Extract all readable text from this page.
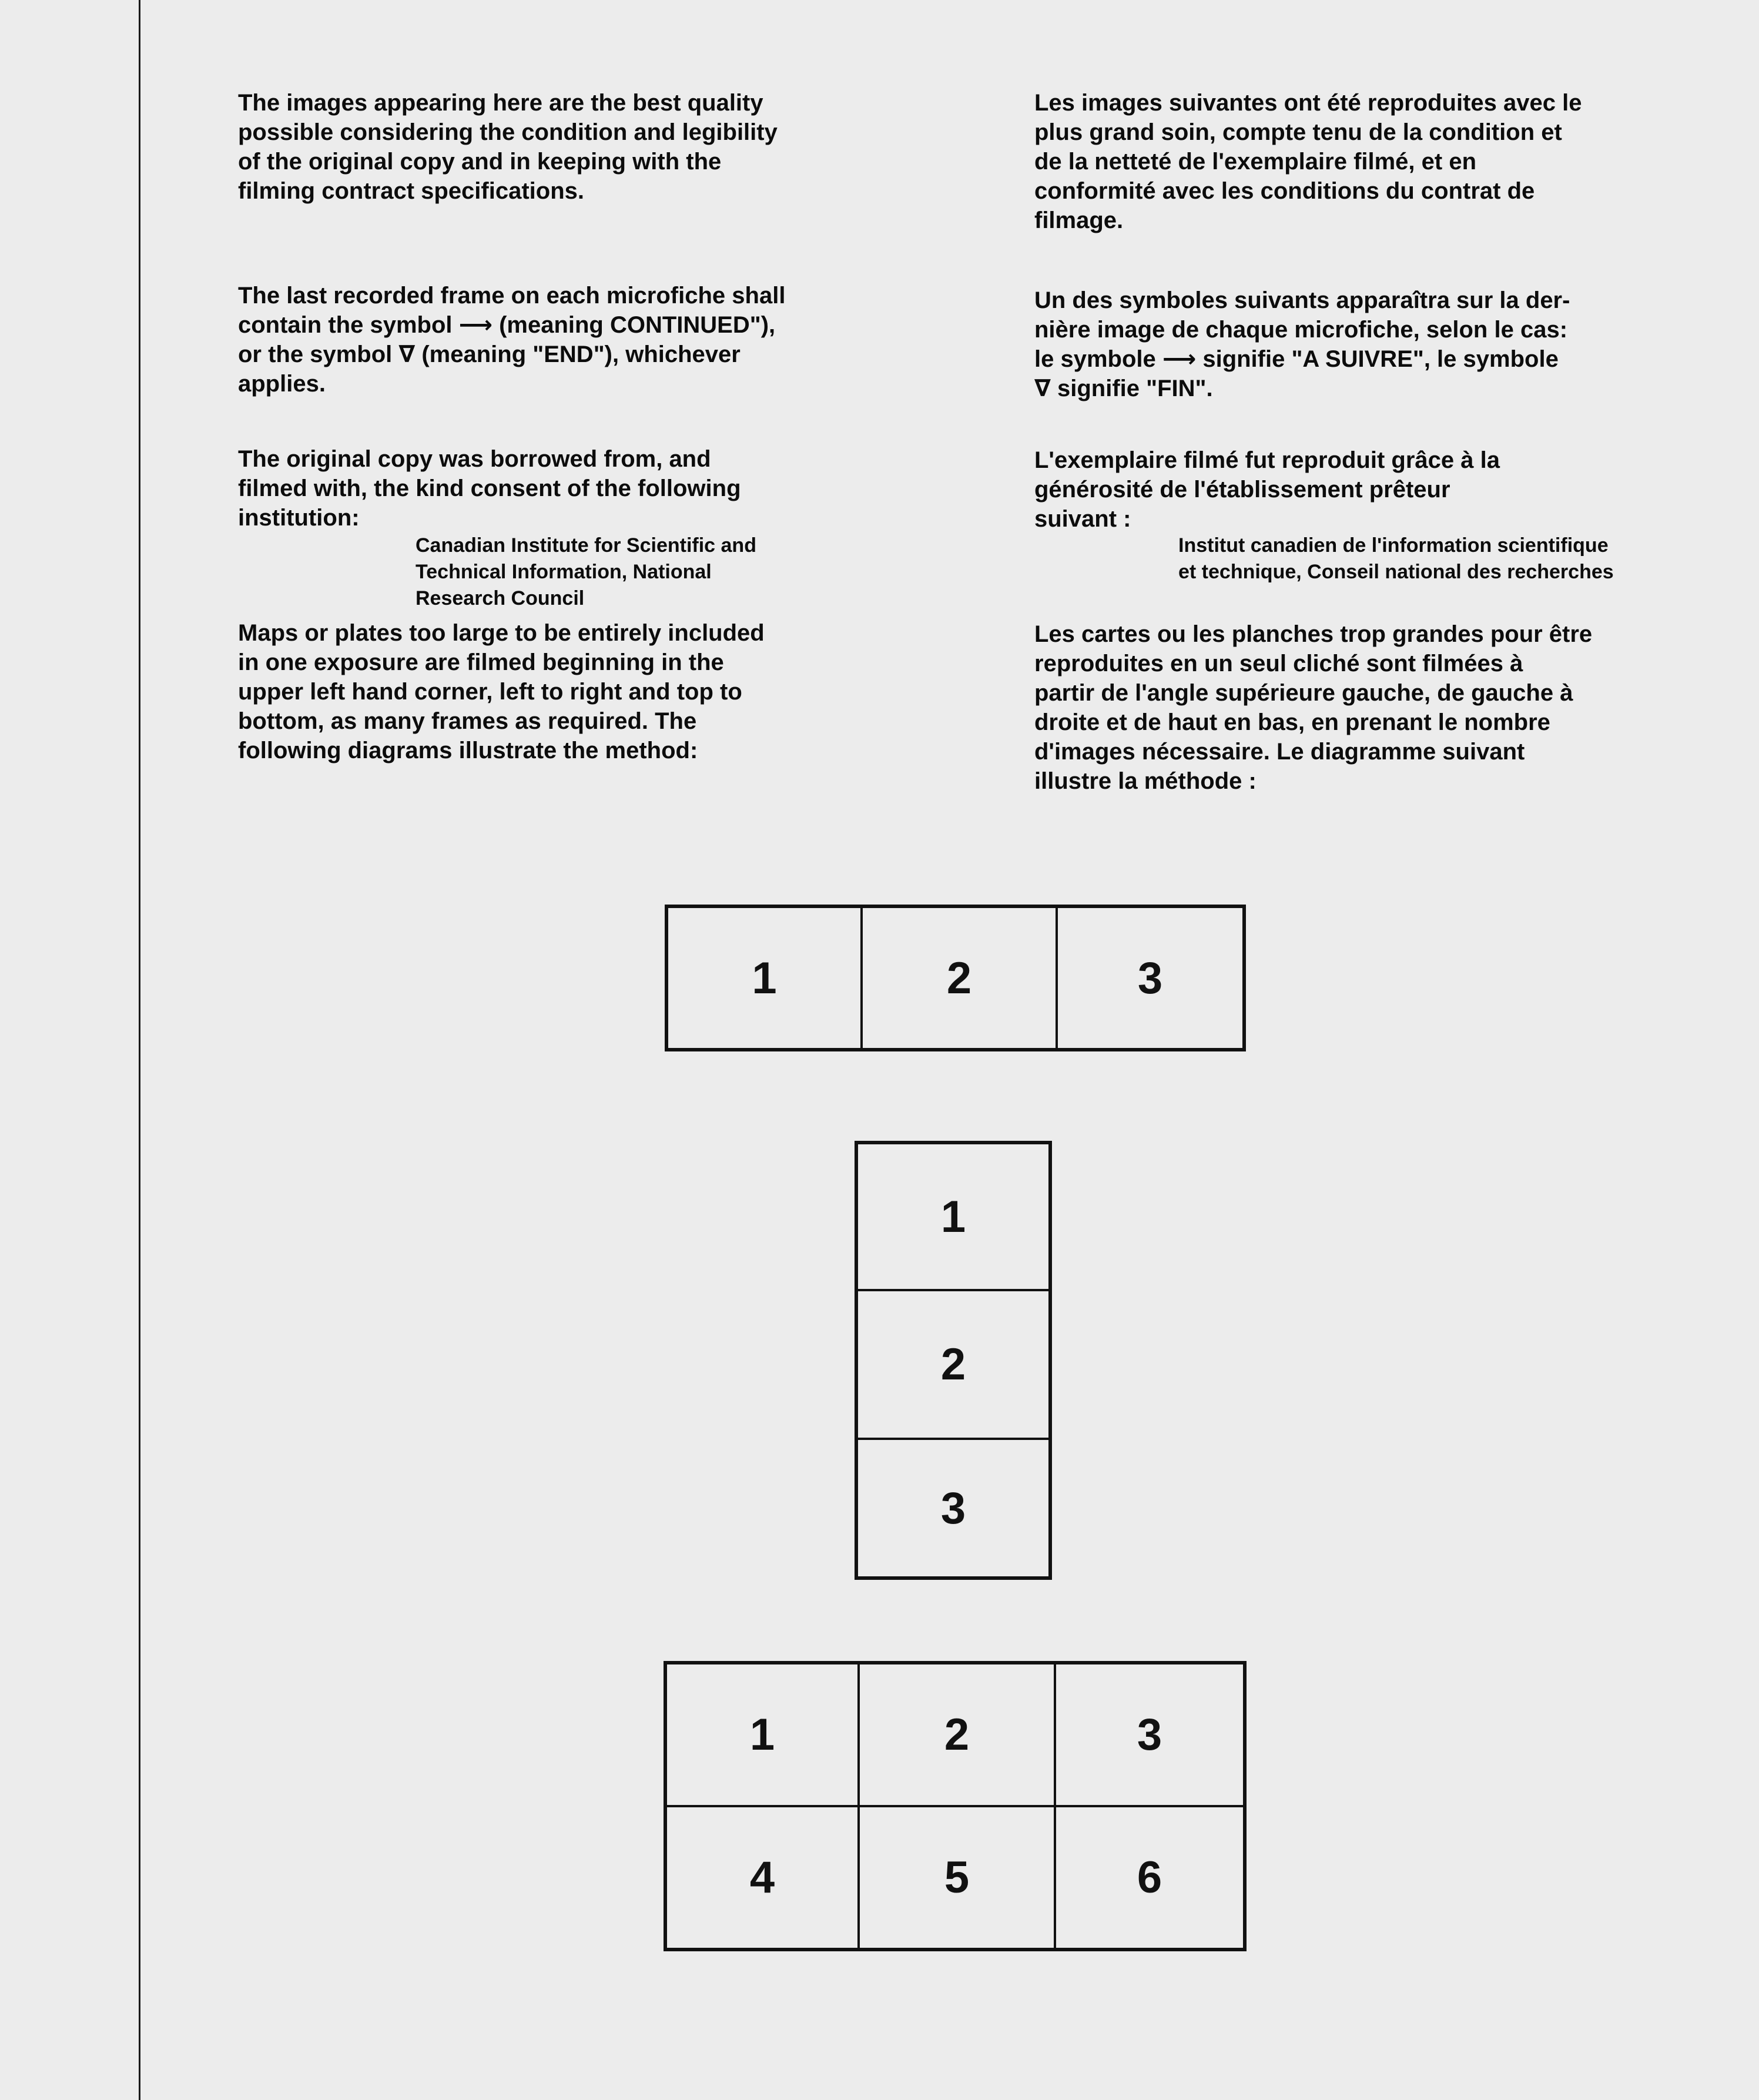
The images appearing here are the best quality
possible considering the condition and legibility
of the original copy and in keeping with the
filming contract specifications.

The last recorded frame on each microfiche shall
contain the symbol ⟶ (meaning CONTINUED"),
or the symbol ∇ (meaning "END"), whichever
applies.

The original copy was borrowed from, and
filmed with, the kind consent of the following
institution:

Canadian Institute for Scientific and
Technical Information, National
Research Council

Maps or plates too large to be entirely included
in one exposure are filmed beginning in the
upper left hand corner, left to right and top to
bottom, as many frames as required. The
following diagrams illustrate the method:

Les images suivantes ont été reproduites avec le
plus grand soin, compte tenu de la condition et
de la netteté de l'exemplaire filmé, et en
conformité avec les conditions du contrat de
filmage.

Un des symboles suivants apparaîtra sur la der-
nière image de chaque microfiche, selon le cas:
le symbole ⟶ signifie "A SUIVRE", le symbole
∇ signifie "FIN".

L'exemplaire filmé fut reproduit grâce à la
générosité de l'établissement prêteur
suivant :

Institut canadien de l'information scientifique
et technique, Conseil national des recherches

Les cartes ou les planches trop grandes pour être
reproduites en un seul cliché sont filmées à
partir de l'angle supérieure gauche, de gauche à
droite et de haut en bas, en prenant le nombre
d'images nécessaire. Le diagramme suivant
illustre la méthode :

1	2	3
1
2
3
1	2	3
4	5	6
